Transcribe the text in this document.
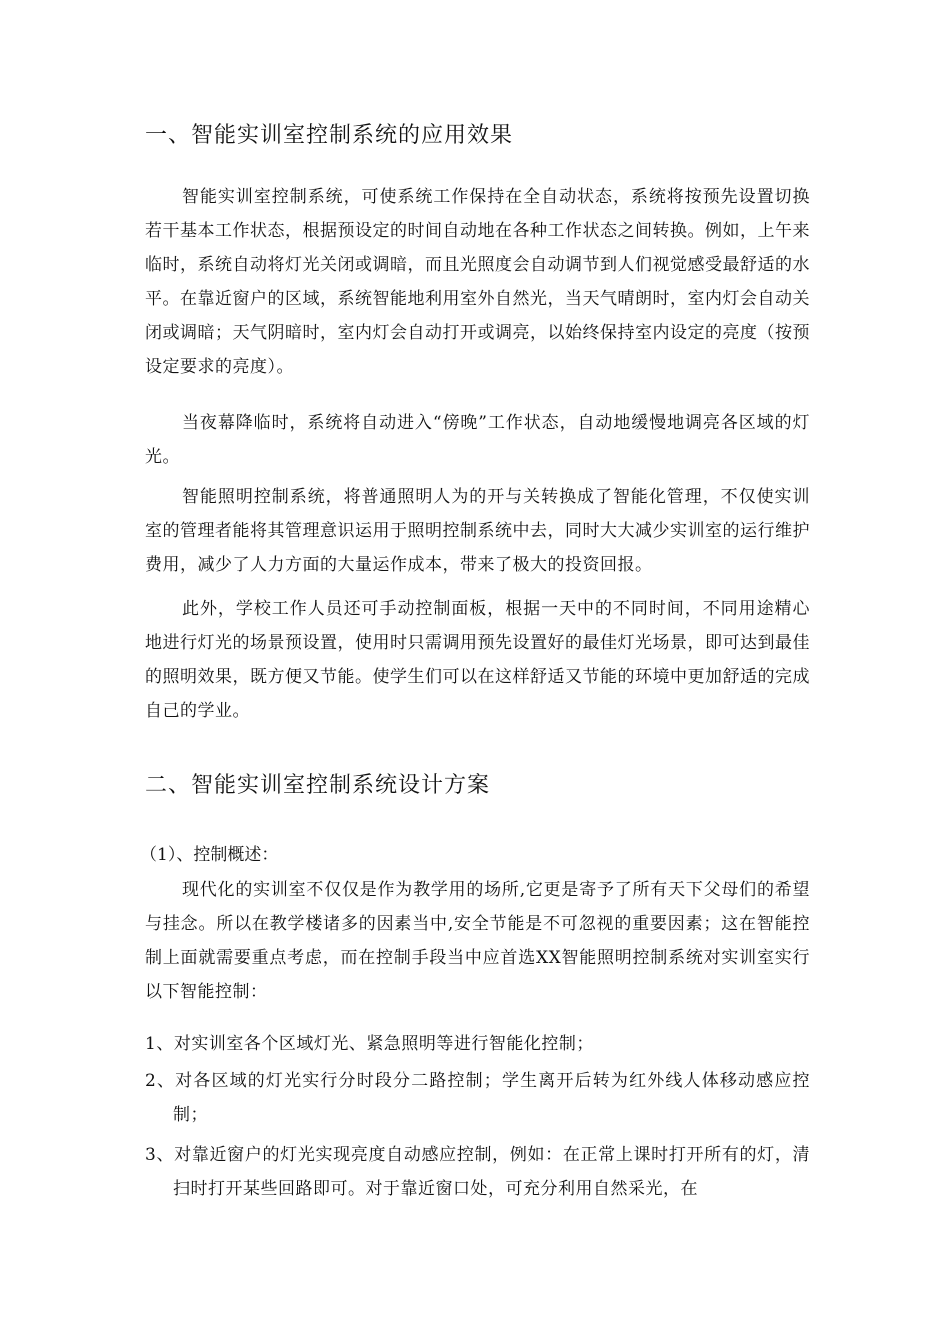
一、智能实训室控制系统的应用效果

智能实训室控制系统，可使系统工作保持在全自动状态，系统将按预先设置切换若干基本工作状态，根据预设定的时间自动地在各种工作状态之间转换。例如，上午来临时，系统自动将灯光关闭或调暗，而且光照度会自动调节到人们视觉感受最舒适的水平。在靠近窗户的区域，系统智能地利用室外自然光，当天气晴朗时，室内灯会自动关闭或调暗；天气阴暗时，室内灯会自动打开或调亮，以始终保持室内设定的亮度（按预设定要求的亮度）。

当夜幕降临时，系统将自动进入“傍晚”工作状态，自动地缓慢地调亮各区域的灯光。

智能照明控制系统，将普通照明人为的开与关转换成了智能化管理，不仅使实训室的管理者能将其管理意识运用于照明控制系统中去，同时大大减少实训室的运行维护费用，减少了人力方面的大量运作成本，带来了极大的投资回报。

此外，学校工作人员还可手动控制面板，根据一天中的不同时间，不同用途精心地进行灯光的场景预设置，使用时只需调用预先设置好的最佳灯光场景，即可达到最佳的照明效果，既方便又节能。使学生们可以在这样舒适又节能的环境中更加舒适的完成自己的学业。

二、智能实训室控制系统设计方案
（1）、控制概述：

现代化的实训室不仅仅是作为教学用的场所,它更是寄予了所有天下父母们的希望与挂念。所以在教学楼诸多的因素当中,安全节能是不可忽视的重要因素；这在智能控制上面就需要重点考虑，而在控制手段当中应首选XX智能照明控制系统对实训室实行以下智能控制：

1、对实训室各个区域灯光、紧急照明等进行智能化控制；

2、对各区域的灯光实行分时段分二路控制；学生离开后转为红外线人体移动感应控制；

3、对靠近窗户的灯光实现亮度自动感应控制，例如：在正常上课时打开所有的灯，清扫时打开某些回路即可。对于靠近窗口处，可充分利用自然采光，在
